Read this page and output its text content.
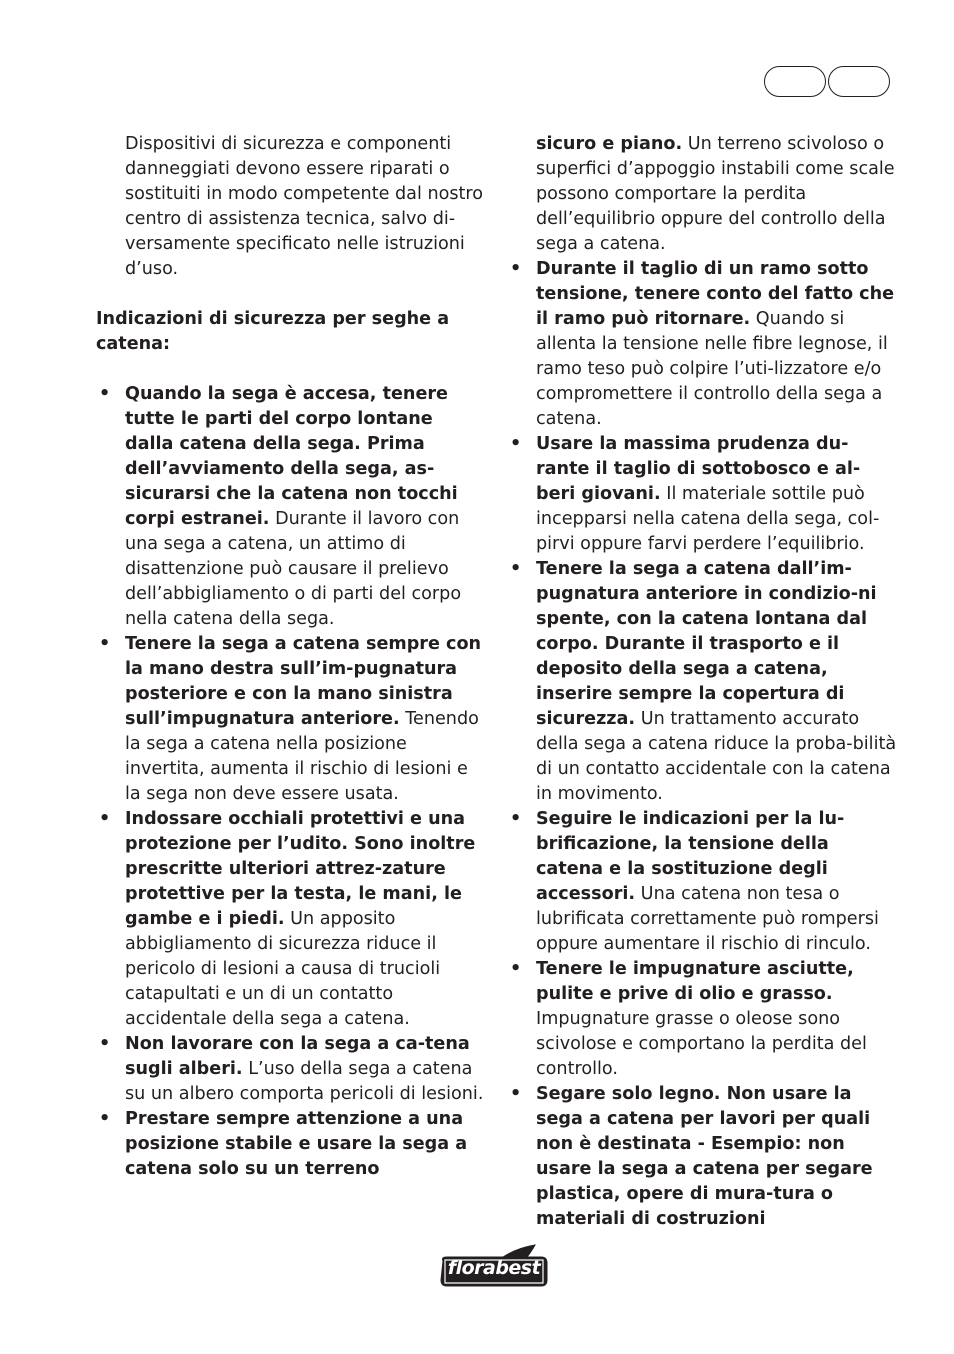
Dispositivi di sicurezza e componenti danneggiati devono essere riparati o sostituiti in modo competente dal nostro centro di assistenza tecnica, salvo di-versamente specificato nelle istruzioni d’uso.

Indicazioni di sicurezza per seghe a catena:

• Quando la sega è accesa, tenere tutte le parti del corpo lontane dalla catena della sega. Prima dell’avviamento della sega, as-sicurarsi che la catena non tocchi corpi estranei. Durante il lavoro con una sega a catena, un attimo di disattenzione può causare il prelievo dell’abbigliamento o di parti del corpo nella catena della sega.
• Tenere la sega a catena sempre con la mano destra sull’im-pugnatura posteriore e con la mano sinistra sull’impugnatura anteriore. Tenendo la sega a catena nella posizione invertita, aumenta il rischio di lesioni e la sega non deve essere usata.
• Indossare occhiali protettivi e una protezione per l’udito. Sono inoltre prescritte ulteriori attrez-zature protettive per la testa, le mani, le gambe e i piedi. Un apposito abbigliamento di sicurezza riduce il pericolo di lesioni a causa di trucioli catapultati e un di un contatto accidentale della sega a catena.
• Non lavorare con la sega a ca-tena sugli alberi. L’uso della sega a catena su un albero comporta pericoli di lesioni.
• Prestare sempre attenzione a una posizione stabile e usare la sega a catena solo su un terreno
sicuro e piano. Un terreno scivoloso o superfici d’appoggio instabili come scale possono comportare la perdita dell’equilibrio oppure del controllo della sega a catena.
• Durante il taglio di un ramo sotto tensione, tenere conto del fatto che il ramo può ritornare. Quando si allenta la tensione nelle fibre legnose, il ramo teso può colpire l’uti-lizzatore e/o compromettere il controllo della sega a catena.
• Usare la massima prudenza du-rante il taglio di sottobosco e al-beri giovani. Il materiale sottile può incepparsi nella catena della sega, col-pirvi oppure farvi perdere l’equilibrio.
• Tenere la sega a catena dall’im-pugnatura anteriore in condizio-ni spente, con la catena lontana dal corpo. Durante il trasporto e il deposito della sega a catena, inserire sempre la copertura di sicurezza. Un trattamento accurato della sega a catena riduce la proba-bilità di un contatto accidentale con la catena in movimento.
• Seguire le indicazioni per la lu-brificazione, la tensione della catena e la sostituzione degli accessori. Una catena non tesa o lubrificata correttamente può rompersi oppure aumentare il rischio di rinculo.
• Tenere le impugnature asciutte, pulite e prive di olio e grasso. Impugnature grasse o oleose sono scivolose e comportano la perdita del controllo.
• Segare solo legno. Non usare la sega a catena per lavori per quali non è destinata - Esempio: non usare la sega a catena per segare plastica, opere di mura-tura o materiali di costruzioni
florabest
